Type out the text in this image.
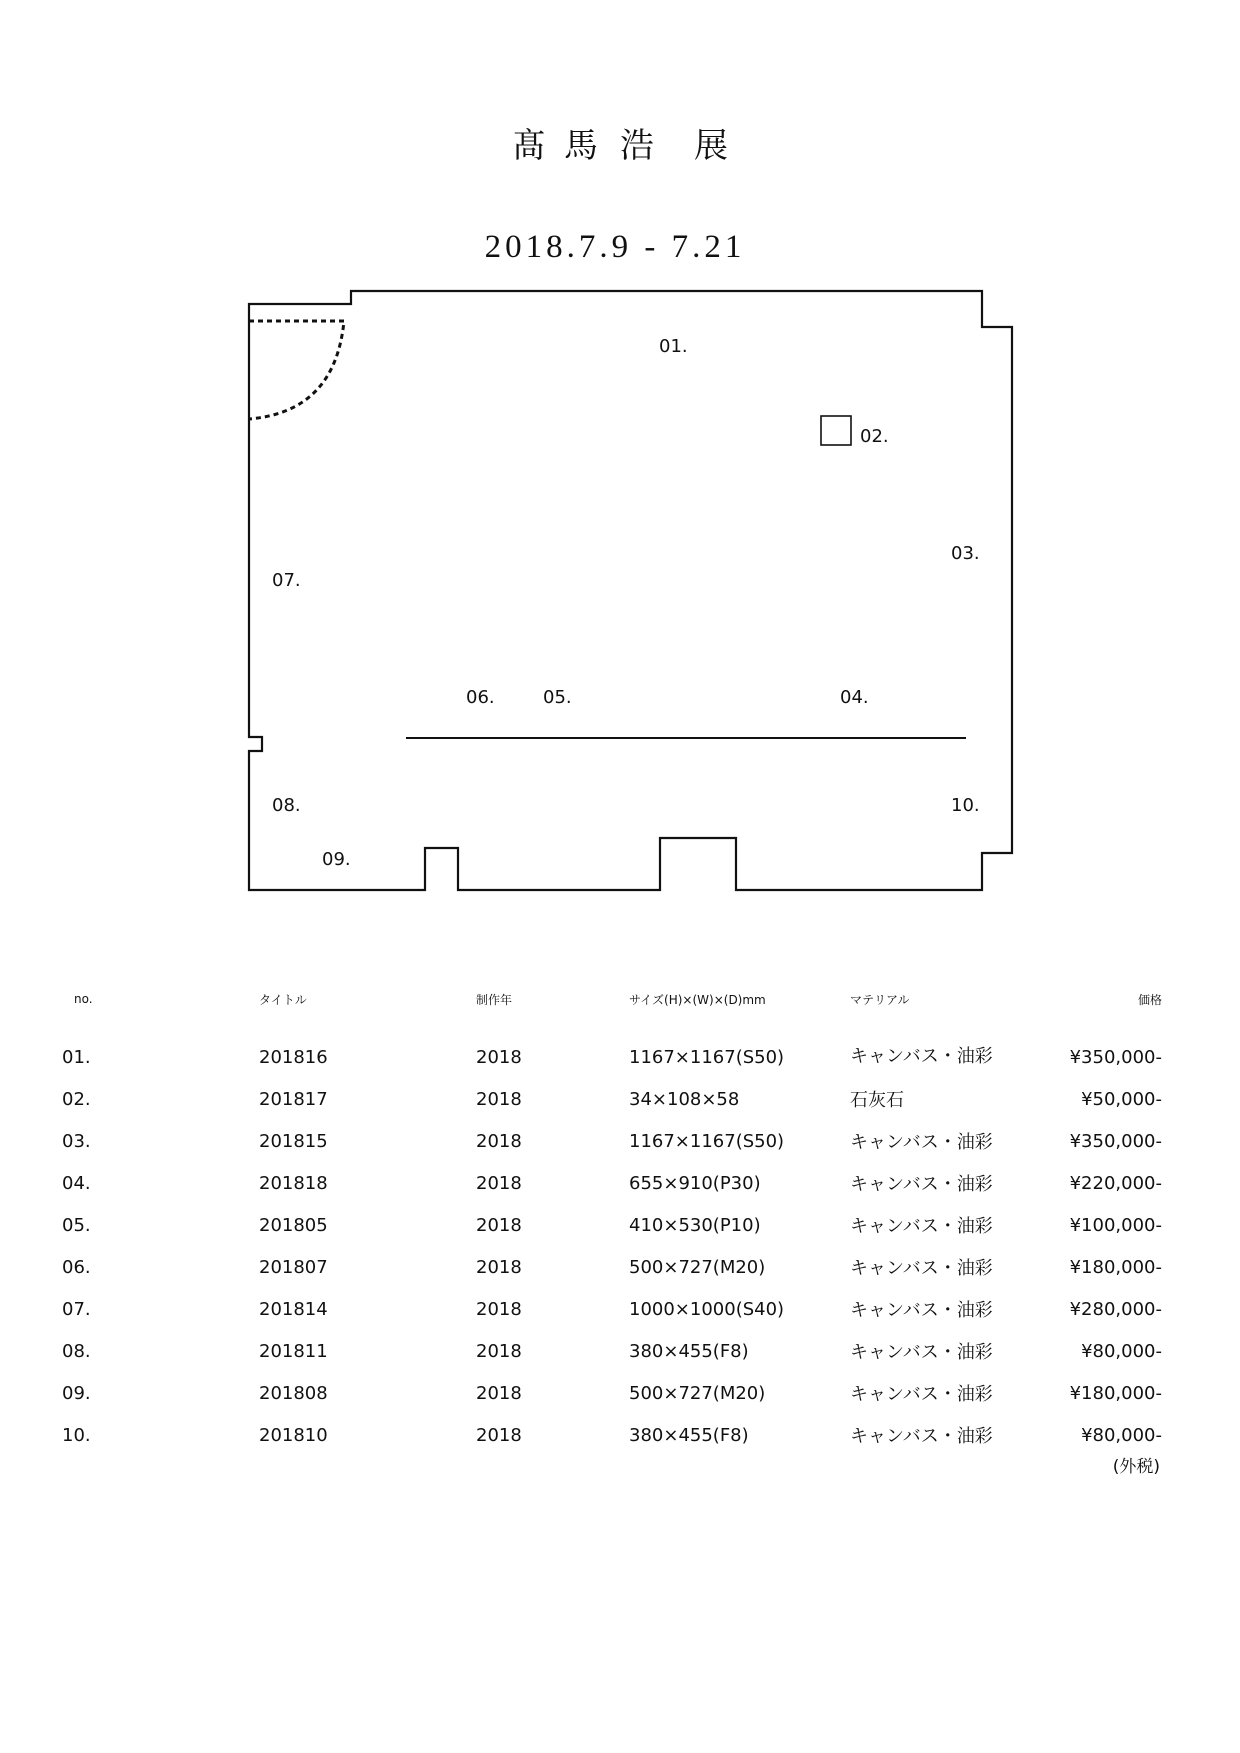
髙 馬 浩 展
2018.7.9 - 7.21
01.
02.
03.
04.
05.
06.
07.
08.
09.
10.
no.	タイトル	制作年	サイズ(H)×(W)×(D)mm	マテリアル	価格
01.	201816	2018	1167×1167(S50)	キャンバス・油彩	¥350,000-
02.	201817	2018	34×108×58	石灰石	¥50,000-
03.	201815	2018	1167×1167(S50)	キャンバス・油彩	¥350,000-
04.	201818	2018	655×910(P30)	キャンバス・油彩	¥220,000-
05.	201805	2018	410×530(P10)	キャンバス・油彩	¥100,000-
06.	201807	2018	500×727(M20)	キャンバス・油彩	¥180,000-
07.	201814	2018	1000×1000(S40)	キャンバス・油彩	¥280,000-
08.	201811	2018	380×455(F8)	キャンバス・油彩	¥80,000-
09.	201808	2018	500×727(M20)	キャンバス・油彩	¥180,000-
10.	201810	2018	380×455(F8)	キャンバス・油彩	¥80,000-
(外税)
